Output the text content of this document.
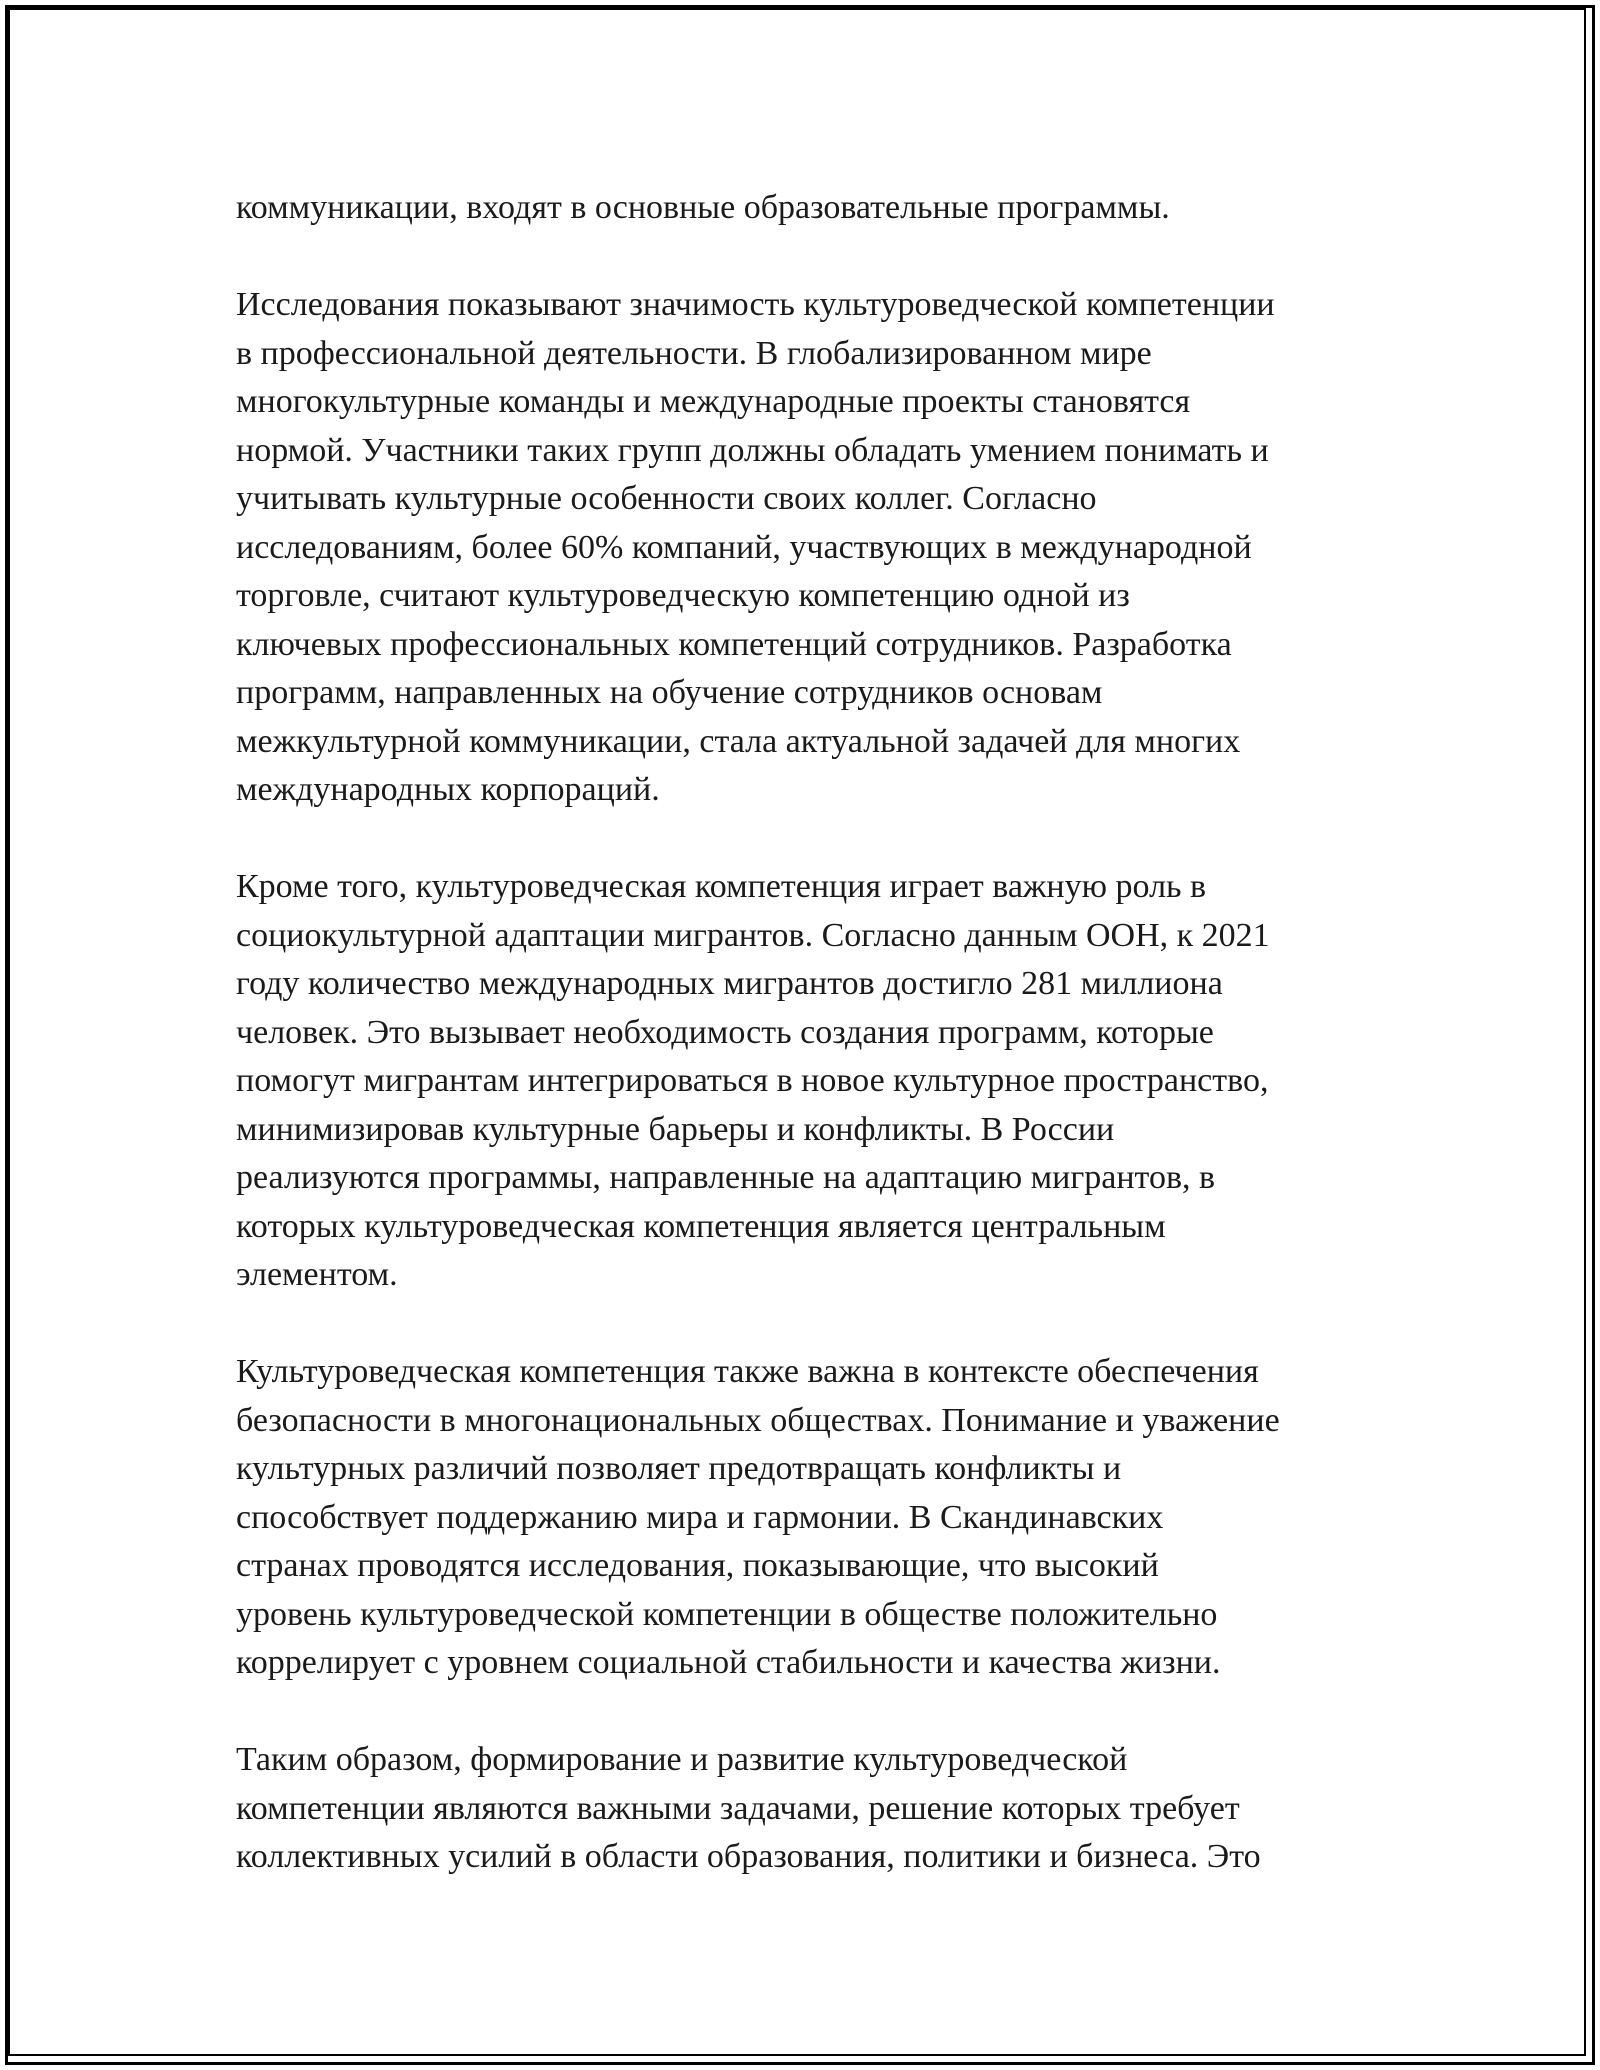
коммуникации, входят в основные образовательные программы.
Исследования показывают значимость культуроведческой компетенции
в профессиональной деятельности. В глобализированном мире
многокультурные команды и международные проекты становятся
нормой. Участники таких групп должны обладать умением понимать и
учитывать культурные особенности своих коллег. Согласно
исследованиям, более 60% компаний, участвующих в международной
торговле, считают культуроведческую компетенцию одной из
ключевых профессиональных компетенций сотрудников. Разработка
программ, направленных на обучение сотрудников основам
межкультурной коммуникации, стала актуальной задачей для многих
международных корпораций.
Кроме того, культуроведческая компетенция играет важную роль в
социокультурной адаптации мигрантов. Согласно данным ООН, к 2021
году количество международных мигрантов достигло 281 миллиона
человек. Это вызывает необходимость создания программ, которые
помогут мигрантам интегрироваться в новое культурное пространство,
минимизировав культурные барьеры и конфликты. В России
реализуются программы, направленные на адаптацию мигрантов, в
которых культуроведческая компетенция является центральным
элементом.
Культуроведческая компетенция также важна в контексте обеспечения
безопасности в многонациональных обществах. Понимание и уважение
культурных различий позволяет предотвращать конфликты и
способствует поддержанию мира и гармонии. В Скандинавских
странах проводятся исследования, показывающие, что высокий
уровень культуроведческой компетенции в обществе положительно
коррелирует с уровнем социальной стабильности и качества жизни.
Таким образом, формирование и развитие культуроведческой
компетенции являются важными задачами, решение которых требует
коллективных усилий в области образования, политики и бизнеса. Это
